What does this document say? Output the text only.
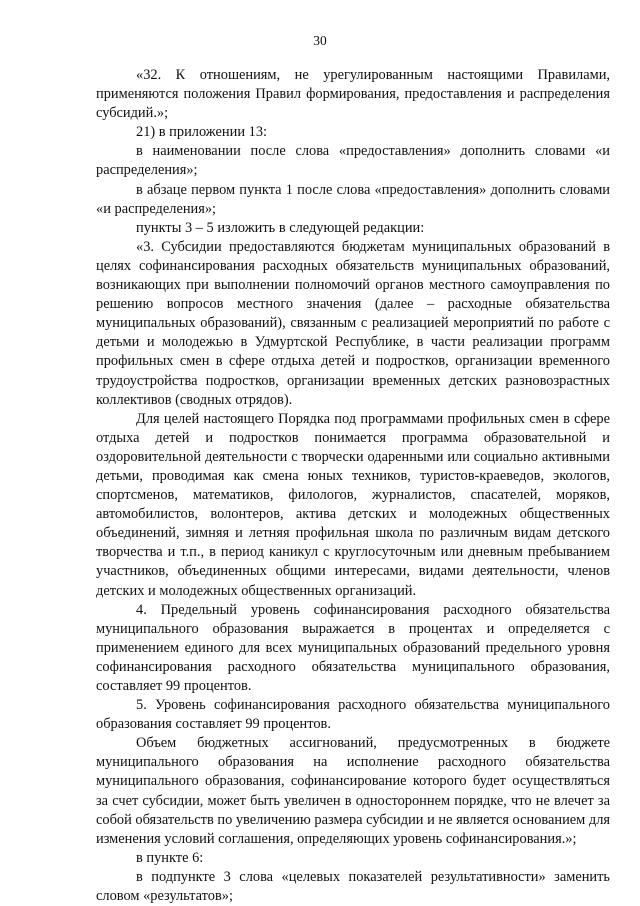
30

«32. К отношениям, не урегулированным настоящими Правилами, применяются положения Правил формирования, предоставления и распределения субсидий.»;

21) в приложении 13:

в наименовании после слова «предоставления» дополнить словами «и распределения»;

в абзаце первом пункта 1 после слова «предоставления» дополнить словами «и распределения»;

пункты 3 – 5 изложить в следующей редакции:

«3. Субсидии предоставляются бюджетам муниципальных образований в целях софинансирования расходных обязательств муниципальных образований, возникающих при выполнении полномочий органов местного самоуправления по решению вопросов местного значения (далее – расходные обязательства муниципальных образований), связанным с реализацией мероприятий по работе с детьми и молодежью в Удмуртской Республике, в части реализации программ профильных смен в сфере отдыха детей и подростков, организации временного трудоустройства подростков, организации временных детских разновозрастных коллективов (сводных отрядов).

Для целей настоящего Порядка под программами профильных смен в сфере отдыха детей и подростков понимается программа образовательной и оздоровительной деятельности с творчески одаренными или социально активными детьми, проводимая как смена юных техников, туристов-краеведов, экологов, спортсменов, математиков, филологов, журналистов, спасателей, моряков, автомобилистов, волонтеров, актива детских и молодежных общественных объединений, зимняя и летняя профильная школа по различным видам детского творчества и т.п., в период каникул с круглосуточным или дневным пребыванием участников, объединенных общими интересами, видами деятельности, членов детских и молодежных общественных организаций.

4. Предельный уровень софинансирования расходного обязательства муниципального образования выражается в процентах и определяется с применением единого для всех муниципальных образований предельного уровня софинансирования расходного обязательства муниципального образования, составляет 99 процентов.

5. Уровень софинансирования расходного обязательства муниципального образования составляет 99 процентов.

Объем бюджетных ассигнований, предусмотренных в бюджете муниципального образования на исполнение расходного обязательства муниципального образования, софинансирование которого будет осуществляться за счет субсидии, может быть увеличен в одностороннем порядке, что не влечет за собой обязательств по увеличению размера субсидии и не является основанием для изменения условий соглашения, определяющих уровень софинансирования.»;

в пункте 6:

в подпункте 3 слова «целевых показателей результативности» заменить словом «результатов»;
